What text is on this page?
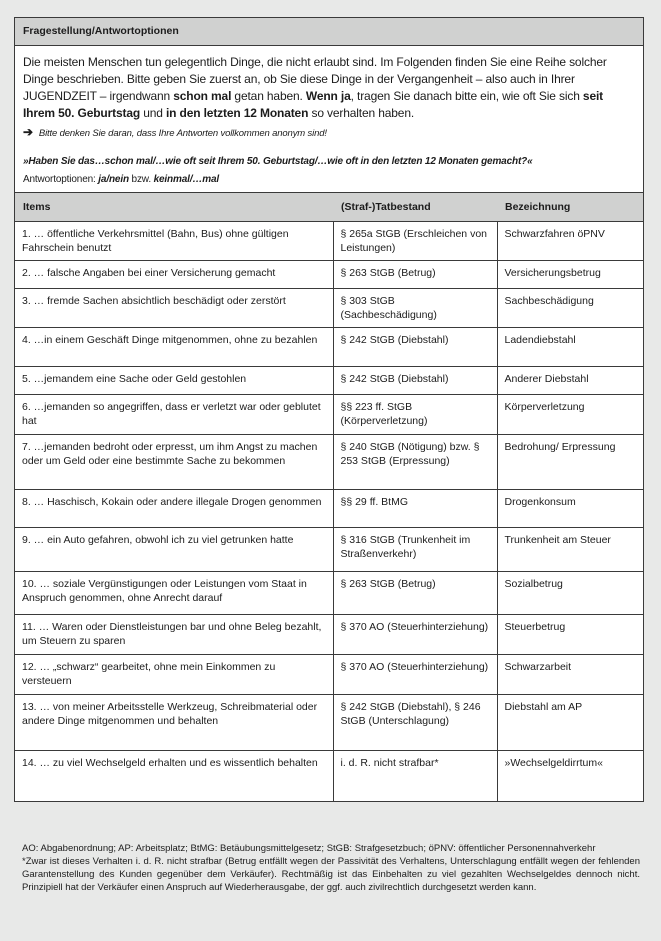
Fragestellung/Antwortoptionen
Die meisten Menschen tun gelegentlich Dinge, die nicht erlaubt sind. Im Folgenden finden Sie eine Reihe solcher Dinge beschrieben. Bitte geben Sie zuerst an, ob Sie diese Dinge in der Vergangenheit – also auch in Ihrer JUGENDZEIT – irgendwann schon mal getan haben. Wenn ja, tragen Sie danach bitte ein, wie oft Sie sich seit Ihrem 50. Geburtstag und in den letzten 12 Monaten so verhalten haben.
➔ Bitte denken Sie daran, dass Ihre Antworten vollkommen anonym sind!
»Haben Sie das…schon mal/…wie oft seit Ihrem 50. Geburtstag/…wie oft in den letzten 12 Monaten gemacht?«
Antwortoptionen: ja/nein bzw. keinmal/…mal
Items	(Straf-)Tatbestand	Bezeichnung
1. … öffentliche Verkehrsmittel (Bahn, Bus) ohne gültigen Fahrschein benutzt	§ 265a StGB (Erschleichen von Leistungen)	Schwarzfahren öPNV
2. … falsche Angaben bei einer Versicherung gemacht	§ 263 StGB (Betrug)	Versicherungsbetrug
3. … fremde Sachen absichtlich beschädigt oder zerstört	§ 303 StGB (Sachbeschädigung)	Sachbeschädigung
4. …in einem Geschäft Dinge mitgenommen, ohne zu bezahlen	§ 242 StGB (Diebstahl)	Ladendiebstahl
5. …jemandem eine Sache oder Geld gestohlen	§ 242 StGB (Diebstahl)	Anderer Diebstahl
6. …jemanden so angegriffen, dass er verletzt war oder geblutet hat	§§ 223 ff. StGB (Körperverletzung)	Körperverletzung
7. …jemanden bedroht oder erpresst, um ihm Angst zu machen oder um Geld oder eine bestimmte Sache zu bekommen	§ 240 StGB (Nötigung) bzw. § 253 StGB (Erpressung)	Bedrohung/ Erpressung
8. … Haschisch, Kokain oder andere illegale Drogen genommen	§§ 29 ff. BtMG	Drogenkonsum
9. … ein Auto gefahren, obwohl ich zu viel getrunken hatte	§ 316 StGB (Trunkenheit im Straßenverkehr)	Trunkenheit am Steuer
10. … soziale Vergünstigungen oder Leistungen vom Staat in Anspruch genommen, ohne Anrecht darauf	§ 263 StGB (Betrug)	Sozialbetrug
11. … Waren oder Dienstleistungen bar und ohne Beleg bezahlt, um Steuern zu sparen	§ 370 AO (Steuerhinterziehung)	Steuerbetrug
12. … „schwarz“ gearbeitet, ohne mein Einkommen zu versteuern	§ 370 AO (Steuerhinterziehung)	Schwarzarbeit
13. … von meiner Arbeitsstelle Werkzeug, Schreibmaterial oder andere Dinge mitgenommen und behalten	§ 242 StGB (Diebstahl), § 246 StGB (Unterschlagung)	Diebstahl am AP
14. … zu viel Wechselgeld erhalten und es wissentlich behalten	i. d. R. nicht strafbar*	»Wechselgeldirrtum«
AO: Abgabenordnung; AP: Arbeitsplatz; BtMG: Betäubungsmittelgesetz; StGB: Strafgesetzbuch; öPNV: öffentlicher Personennahverkehr
*Zwar ist dieses Verhalten i. d. R. nicht strafbar (Betrug entfällt wegen der Passivität des Verhaltens, Unterschlagung entfällt wegen der fehlenden Garantenstellung des Kunden gegenüber dem Verkäufer). Rechtmäßig ist das Einbehalten zu viel gezahlten Wechselgeldes dennoch nicht. Prinzipiell hat der Verkäufer einen Anspruch auf Wiederherausgabe, der ggf. auch zivilrechtlich durchgesetzt werden kann.
